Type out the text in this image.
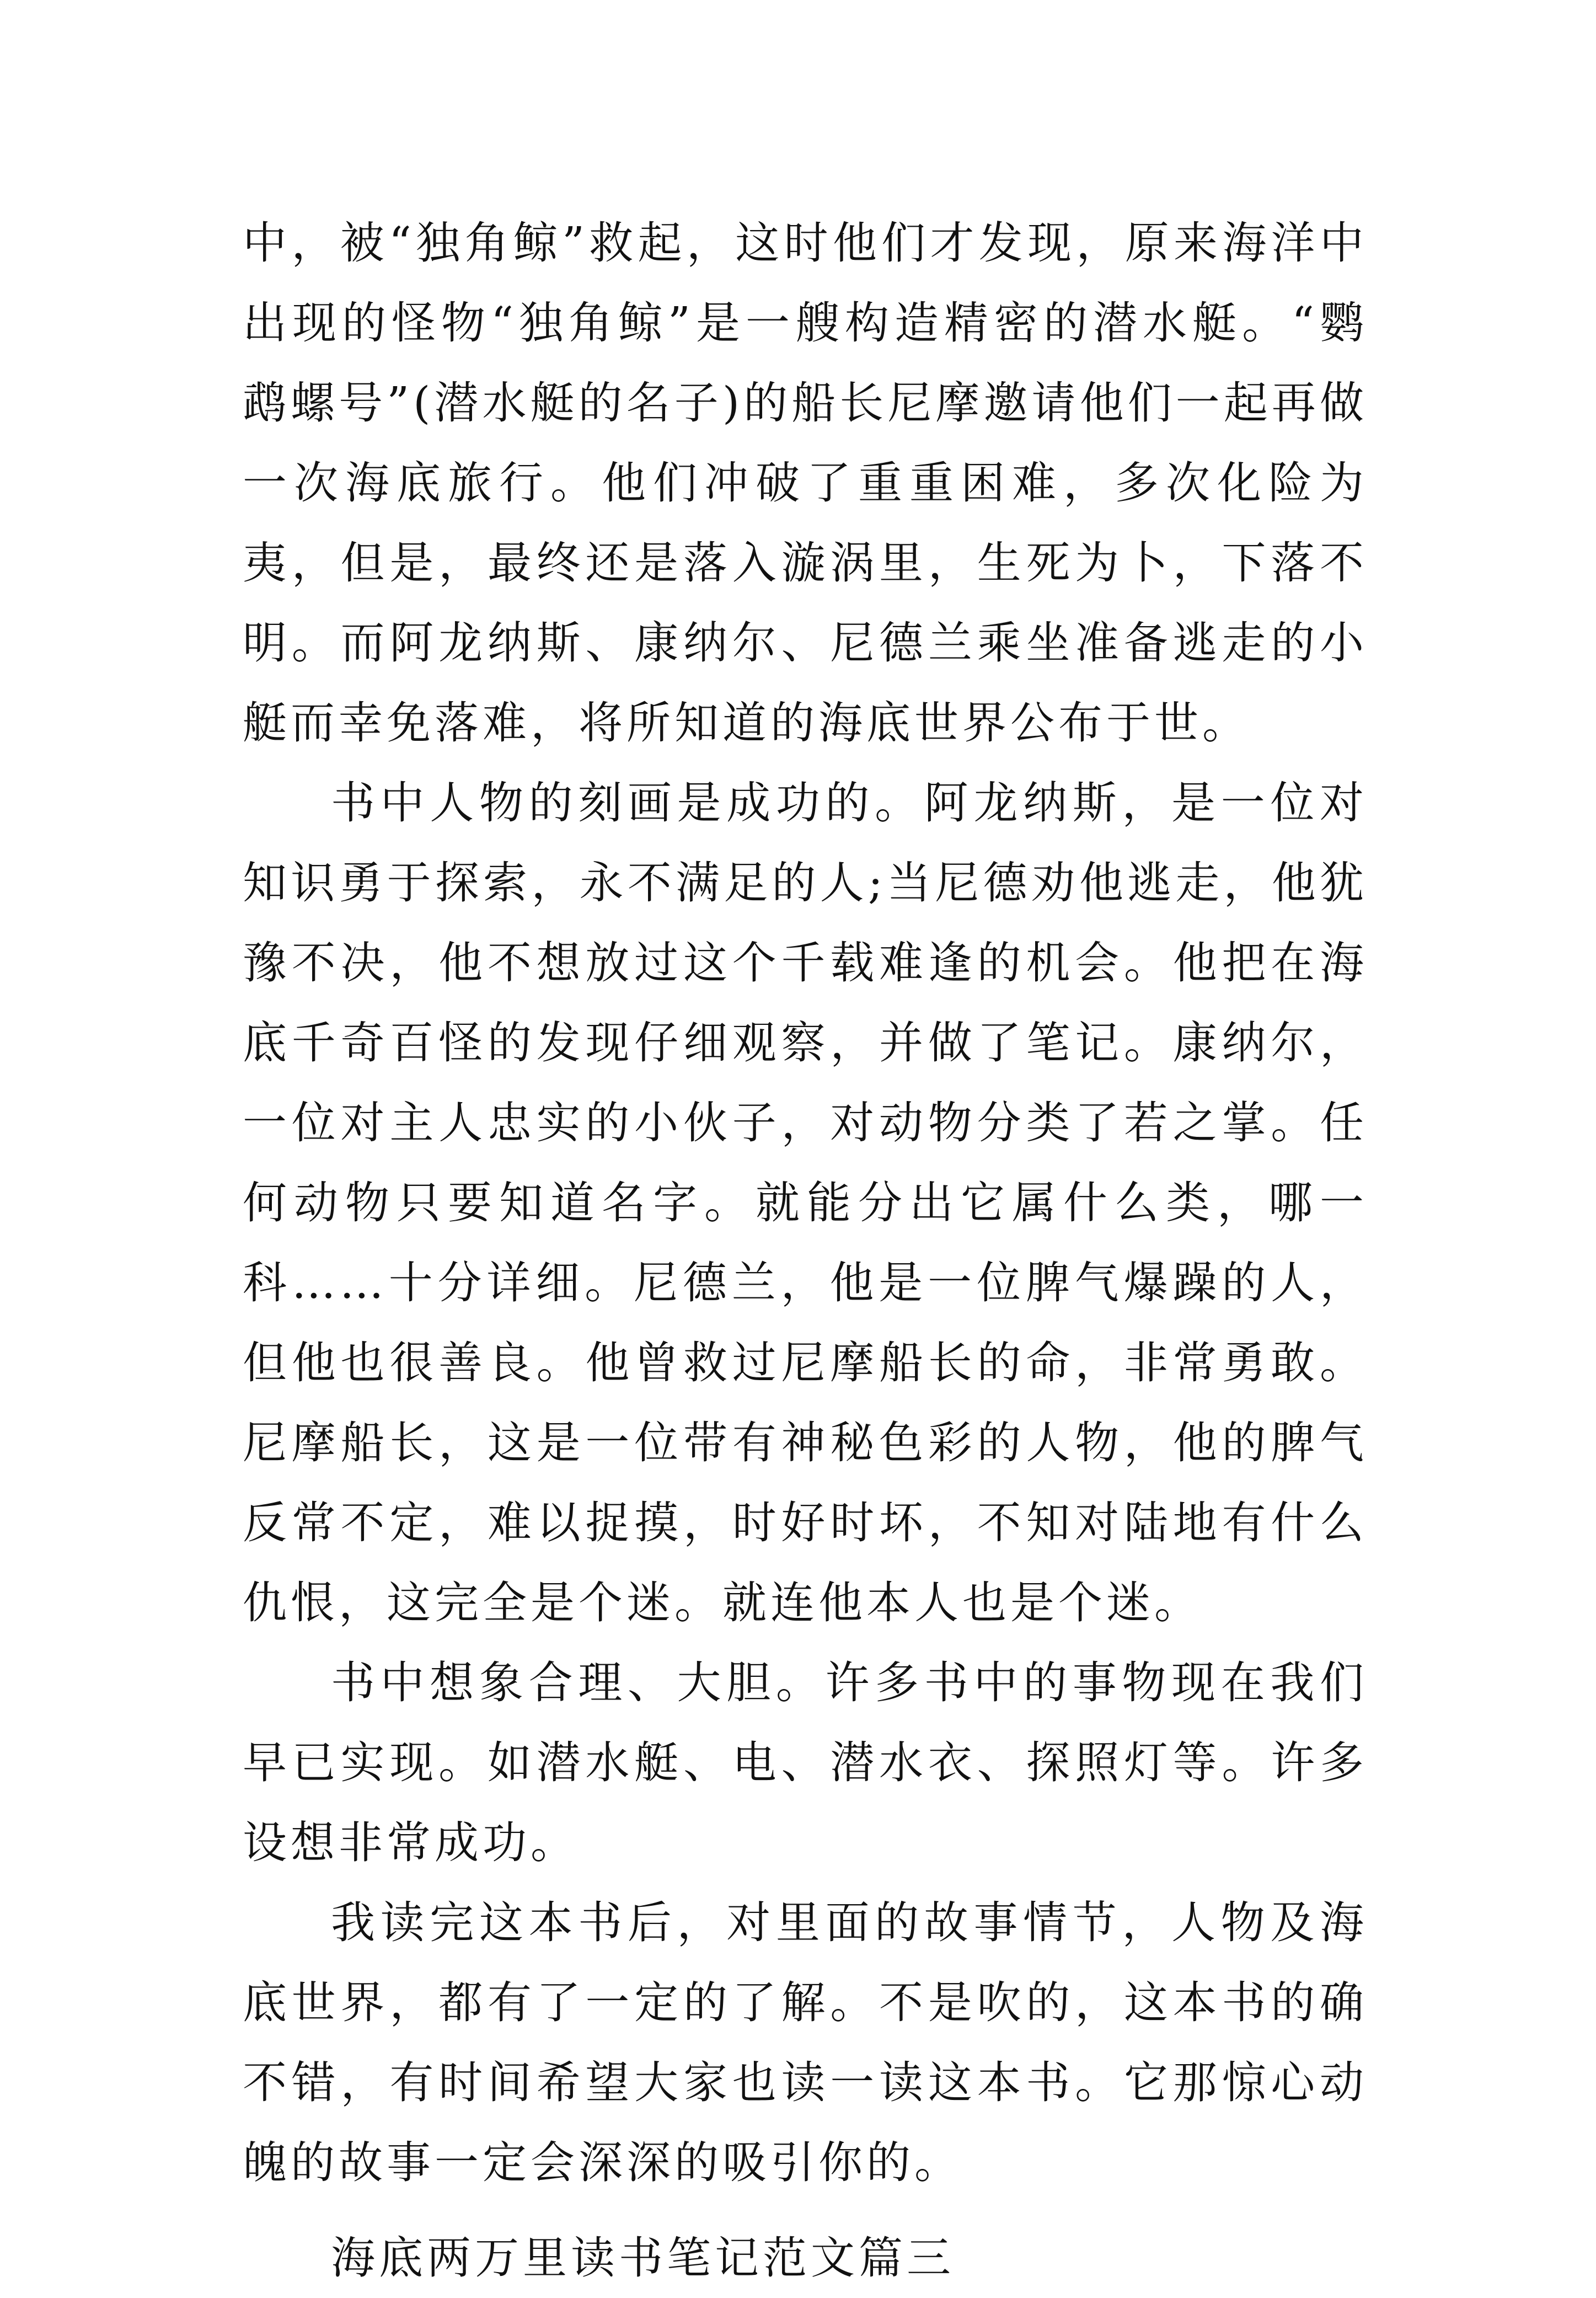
中，被“独角鲸”救起，这时他们才发现，原来海洋中出现的怪物“独角鲸”是一艘构造精密的潜水艇。“鹦鹉螺号”(潜水艇的名子)的船长尼摩邀请他们一起再做一次海底旅行。他们冲破了重重困难，多次化险为夷，但是，最终还是落入漩涡里，生死为卜，下落不明。而阿龙纳斯、康纳尔、尼德兰乘坐准备逃走的小艇而幸免落难，将所知道的海底世界公布于世。

书中人物的刻画是成功的。阿龙纳斯，是一位对知识勇于探索，永不满足的人;当尼德劝他逃走，他犹豫不决，他不想放过这个千载难逢的机会。他把在海底千奇百怪的发现仔细观察，并做了笔记。康纳尔，一位对主人忠实的小伙子，对动物分类了若之掌。任何动物只要知道名字。就能分出它属什么类，哪一科……十分详细。尼德兰，他是一位脾气爆躁的人，但他也很善良。他曾救过尼摩船长的命，非常勇敢。尼摩船长，这是一位带有神秘色彩的人物，他的脾气反常不定，难以捉摸，时好时坏，不知对陆地有什么仇恨，这完全是个迷。就连他本人也是个迷。

书中想象合理、大胆。许多书中的事物现在我们早已实现。如潜水艇、电、潜水衣、探照灯等。许多设想非常成功。

我读完这本书后，对里面的故事情节，人物及海底世界，都有了一定的了解。不是吹的，这本书的确不错，有时间希望大家也读一读这本书。它那惊心动魄的故事一定会深深的吸引你的。

海底两万里读书笔记范文篇三
